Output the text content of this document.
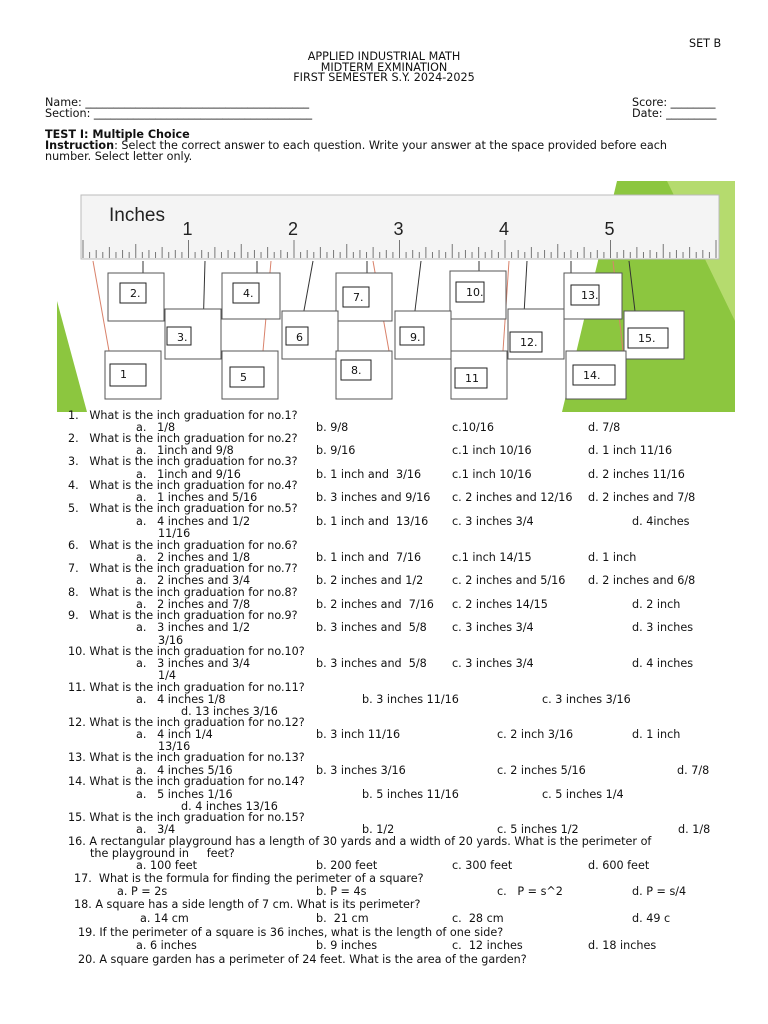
SET B
APPLIED INDUSTRIAL MATH
MIDTERM EXMINATION
FIRST SEMESTER S.Y. 2024-2025
Name: ________________________________________
Section: _______________________________________
Score: ________
Date: _________
TEST I: Multiple Choice
Instruction: Select the correct answer to each question. Write your answer at the space provided before each
number. Select letter only.
Inches
1	2	3	4	5
2.	4.	7.	10.	13.
3.	6	9.	12.	15.
1	5
8.
11	14.
1.   What is the inch graduation for no.1?
a.   1/8	b. 9/8	c.10/16	d. 7/8
2.   What is the inch graduation for no.2?
a.   1inch and 9/8	b. 9/16	c.1 inch 10/16	d. 1 inch 11/16
3.   What is the inch graduation for no.3?
a.   1inch and 9/16	b. 1 inch and  3/16	c.1 inch 10/16	d. 2 inches 11/16
4.   What is the inch graduation for no.4?
a.   1 inches and 5/16	b. 3 inches and 9/16 c. 2 inches and 12/16 d. 2 inches and 7/8
5.   What is the inch graduation for no.5?
a.   4 inches and 1/2	b. 1 inch and  13/16 c. 3 inches 3/4	d. 4inches
11/16
6.   What is the inch graduation for no.6?
a.   2 inches and 1/8	b. 1 inch and  7/16	c.1 inch 14/15	d. 1 inch
7.   What is the inch graduation for no.7?
a.   2 inches and 3/4	b. 2 inches and 1/2	c. 2 inches and 5/16 d. 2 inches and 6/8
8.   What is the inch graduation for no.8?
a.   2 inches and 7/8	b. 2 inches and  7/16 c. 2 inches 14/15	d. 2 inch
9.   What is the inch graduation for no.9?
a.   3 inches and 1/2	b. 3 inches and  5/8 c. 3 inches 3/4	d. 3 inches
3/16
10. What is the inch graduation for no.10?
a.   3 inches and 3/4	b. 3 inches and  5/8 c. 3 inches 3/4	d. 4 inches
1/4
11. What is the inch graduation for no.11?
a.   4 inches 1/8	b. 3 inches 11/16	c. 3 inches 3/16
d. 13 inches 3/16
12. What is the inch graduation for no.12?
a.   4 inch 1/4	b. 3 inch 11/16	c. 2 inch 3/16	d. 1 inch
13/16
13. What is the inch graduation for no.13?
a.   4 inches 5/16	b. 3 inches 3/16	c. 2 inches 5/16	d. 7/8
14. What is the inch graduation for no.14?
a.   5 inches 1/16	b. 5 inches 11/16	c. 5 inches 1/4
d. 4 inches 13/16
15. What is the inch graduation for no.15?
a.   3/4	b. 1/2	c. 5 inches 1/2	d. 1/8
16. A rectangular playground has a length of 30 yards and a width of 20 yards. What is the perimeter of
the playground in     feet?
a. 100 feet	b. 200 feet	c. 300 feet	d. 600 feet
17.  What is the formula for finding the perimeter of a square?
a. P = 2s	b. P = 4s	c.   P = s^2	d. P = s/4
18. A square has a side length of 7 cm. What is its perimeter?
a. 14 cm	b.  21 cm	c.  28 cm	d. 49 c
19. If the perimeter of a square is 36 inches, what is the length of one side?
a. 6 inches	b. 9 inches	c.  12 inches	d. 18 inches
20. A square garden has a perimeter of 24 feet. What is the area of the garden?
